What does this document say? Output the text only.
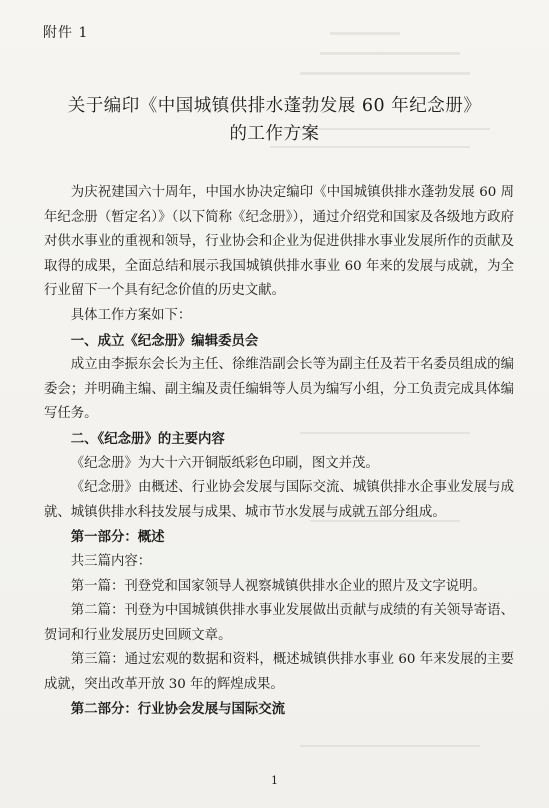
附件 1
关于编印《中国城镇供排水蓬勃发展 60 年纪念册》
的工作方案

为庆祝建国六十周年，中国水协决定编印《中国城镇供排水蓬勃发展 60 周年纪念册（暂定名）》（以下简称《纪念册》），通过介绍党和国家及各级地方政府对供水事业的重视和领导，行业协会和企业为促进供排水事业发展所作的贡献及取得的成果，全面总结和展示我国城镇供排水事业 60 年来的发展与成就，为全行业留下一个具有纪念价值的历史文献。

具体工作方案如下：

一、成立《纪念册》编辑委员会

成立由李振东会长为主任、徐维浩副会长等为副主任及若干名委员组成的编委会；并明确主编、副主编及责任编辑等人员为编写小组，分工负责完成具体编写任务。

二、《纪念册》的主要内容

《纪念册》为大十六开铜版纸彩色印刷，图文并茂。

《纪念册》由概述、行业协会发展与国际交流、城镇供排水企事业发展与成就、城镇供排水科技发展与成果、城市节水发展与成就五部分组成。

第一部分：概述

共三篇内容：

第一篇：刊登党和国家领导人视察城镇供排水企业的照片及文字说明。

第二篇：刊登为中国城镇供排水事业发展做出贡献与成绩的有关领导寄语、贺词和行业发展历史回顾文章。

第三篇：通过宏观的数据和资料，概述城镇供排水事业 60 年来发展的主要成就，突出改革开放 30 年的辉煌成果。

第二部分：行业协会发展与国际交流

1
